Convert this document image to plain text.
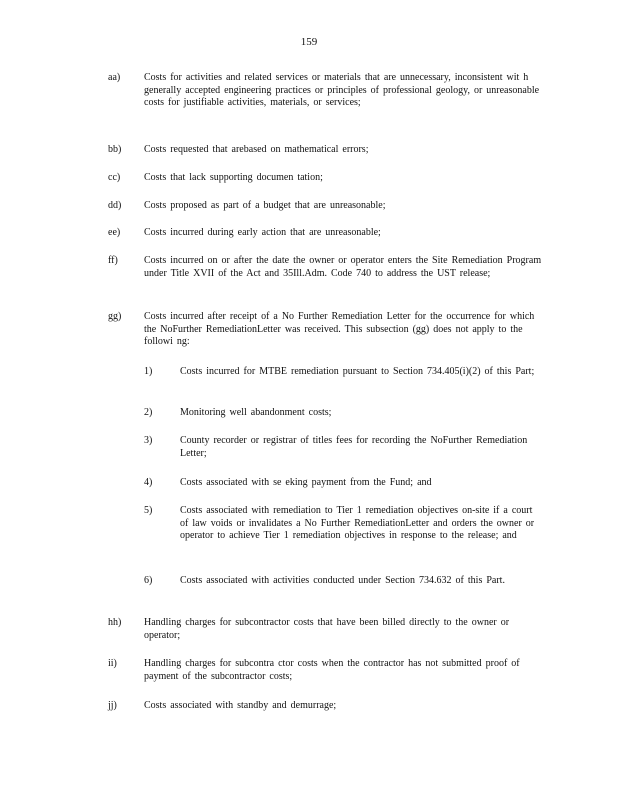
159
aa)	Costs for activities and related services or materials that are unnecessary, inconsistent wit h generally accepted engineering practices or principles of professional geology, or unreasonable costs for justifiable activities, materials, or services;
bb)	Costs requested that arebased on mathematical errors;
cc)	Costs that lack supporting documen tation;
dd)	Costs proposed as part of a budget that are unreasonable;
ee)	Costs incurred during early action that are unreasonable;
ff)	Costs incurred on or after the date the owner or operator enters the Site Remediation Program under Title XVII of the Act and 35Ill.Adm. Code 740 to address the UST release;
gg)	Costs incurred after receipt of a No Further Remediation Letter for the occurrence for which the NoFurther RemediationLetter was received. This subsection (gg) does not apply to the followi ng:
1)	Costs incurred for MTBE remediation pursuant to Section 734.405(i)(2) of this Part;
2)	Monitoring well abandonment costs;
3)	County recorder or registrar of titles fees for recording the NoFurther Remediation Letter;
4)	Costs associated with se eking payment from the Fund; and
5)	Costs associated with remediation to Tier 1 remediation objectives on-site if a court of law voids or invalidates a No Further RemediationLetter and orders the owner or operator to achieve Tier 1 remediation objectives in response to the release; and
6)	Costs associated with activities conducted under Section 734.632 of this Part.
hh)	Handling charges for subcontractor costs that have been billed directly to the owner or operator;
ii)	Handling charges for subcontra ctor costs when the contractor has not submitted proof of payment of the subcontractor costs;
jj)	Costs associated with standby and demurrage;
